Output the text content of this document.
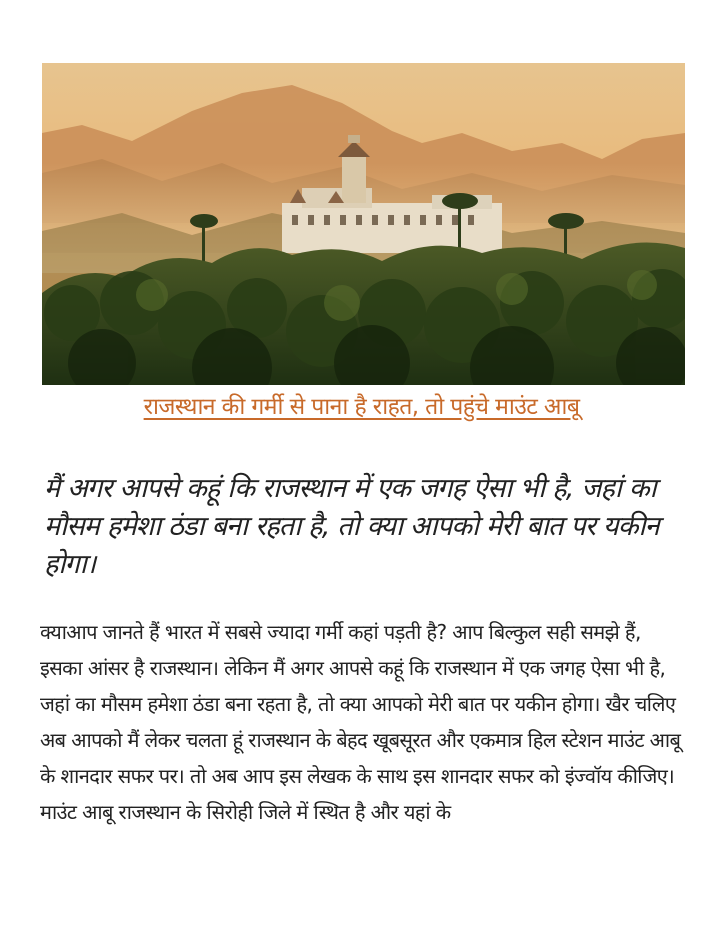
राजस्थान की गर्मी से पाना है राहत, तो पहुंचे माउंट आबू

मैं अगर आपसे कहूं कि राजस्थान में एक जगह ऐसा भी है, जहां का मौसम हमेशा ठंडा बना रहता है, तो क्या आपको मेरी बात पर यकीन होगा।

क्याआप जानते हैं भारत में सबसे ज्यादा गर्मी कहां पड़ती है? आप बिल्कुल सही समझे हैं, इसका आंसर है राजस्थान। लेकिन मैं अगर आपसे कहूं कि राजस्थान में एक जगह ऐसा भी है, जहां का मौसम हमेशा ठंडा बना रहता है, तो क्या आपको मेरी बात पर यकीन होगा। खैर चलिए अब आपको मैं लेकर चलता हूं राजस्थान के बेहद खूबसूरत और एकमात्र हिल स्टेशन माउंट आबू के शानदार सफर पर। तो अब आप इस लेखक के साथ इस शानदार सफर को इंज्वॉय कीजिए। माउंट आबू राजस्थान के सिरोही जिले में स्थित है और यहां के
